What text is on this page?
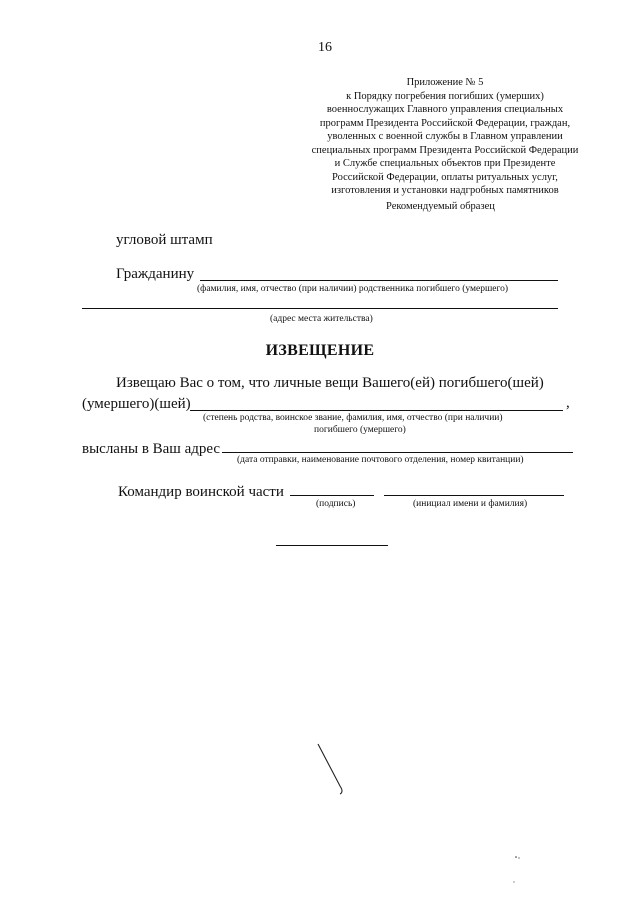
16
Приложение № 5
к Порядку погребения погибших (умерших)
военнослужащих Главного управления специальных
программ Президента Российской Федерации, граждан,
уволенных с военной службы в Главном управлении
специальных программ Президента Российской Федерации
и Службе специальных объектов при Президенте
Российской Федерации, оплаты ритуальных услуг,
изготовления и установки надгробных памятников
Рекомендуемый образец
угловой штамп
Гражданину
(фамилия, имя, отчество (при наличии) родственника погибшего (умершего)
(адрес места жительства)
ИЗВЕЩЕНИЕ
Извещаю Вас о том, что личные вещи Вашего(ей) погибшего(шей)
(умершего)(шей)	,
(степень родства, воинское звание, фамилия, имя, отчество (при наличии)
погибшего (умершего)
высланы в Ваш адрес
(дата отправки, наименование почтового отделения, номер квитанции)
Командир воинской части
(подпись)	(инициал имени и фамилия)
